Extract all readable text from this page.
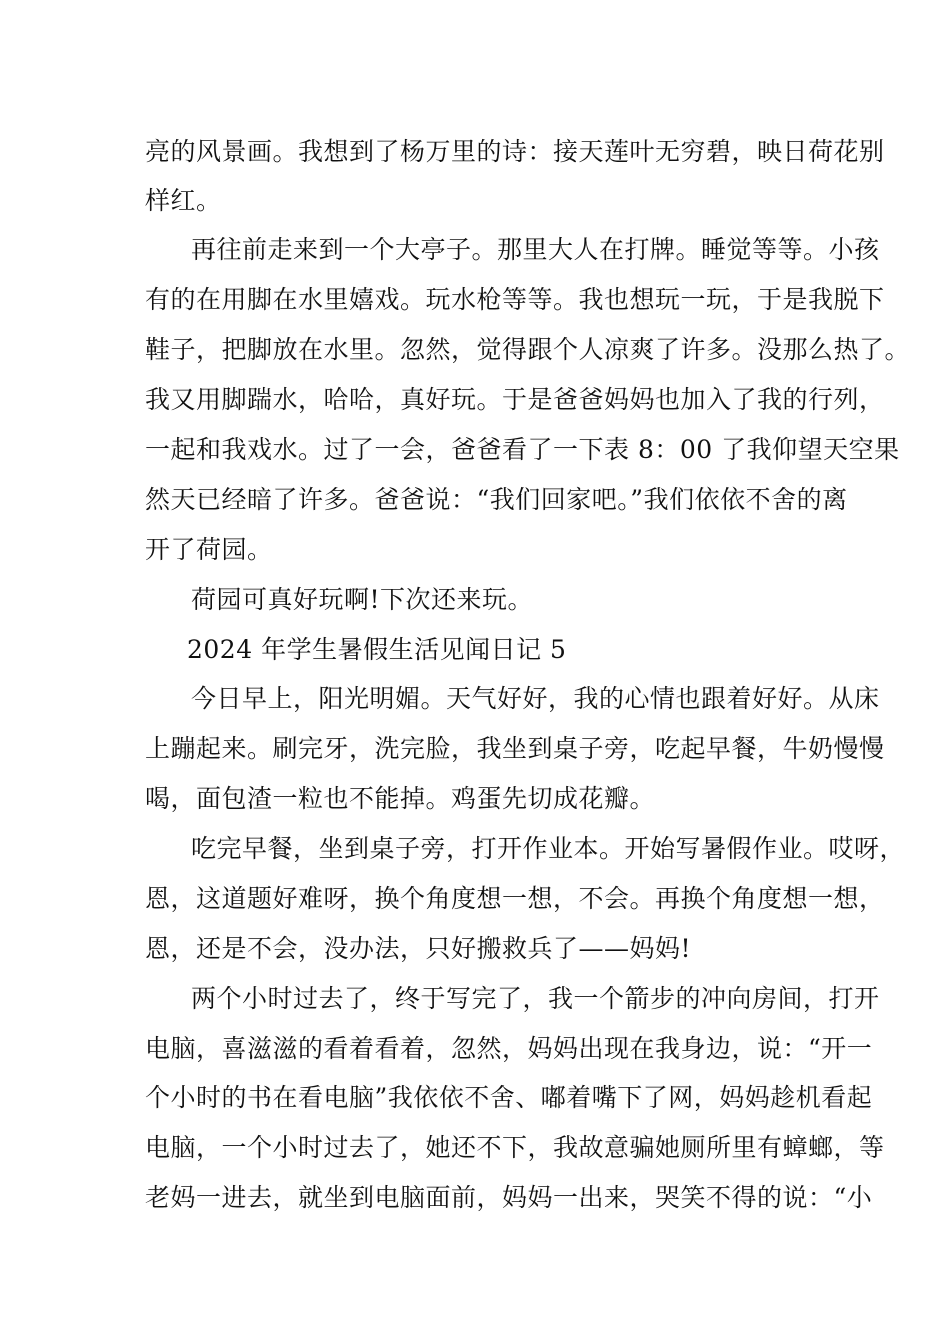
亮的风景画。我想到了杨万里的诗：接天莲叶无穷碧，映日荷花别
样红。
再往前走来到一个大亭子。那里大人在打牌。睡觉等等。小孩
有的在用脚在水里嬉戏。玩水枪等等。我也想玩一玩，于是我脱下
鞋子，把脚放在水里。忽然，觉得跟个人凉爽了许多。没那么热了。
我又用脚踹水，哈哈，真好玩。于是爸爸妈妈也加入了我的行列，
一起和我戏水。过了一会，爸爸看了一下表 8：00 了我仰望天空果
然天已经暗了许多。爸爸说：“我们回家吧。”我们依依不舍的离
开了荷园。
荷园可真好玩啊!下次还来玩。
2024 年学生暑假生活见闻日记 5
今日早上，阳光明媚。天气好好，我的心情也跟着好好。从床
上蹦起来。刷完牙，洗完脸，我坐到桌子旁，吃起早餐，牛奶慢慢
喝，面包渣一粒也不能掉。鸡蛋先切成花瓣。
吃完早餐，坐到桌子旁，打开作业本。开始写暑假作业。哎呀，
恩，这道题好难呀，换个角度想一想，不会。再换个角度想一想，
恩，还是不会，没办法，只好搬救兵了——妈妈!
两个小时过去了，终于写完了，我一个箭步的冲向房间，打开
电脑，喜滋滋的看着看着，忽然，妈妈出现在我身边，说：“开一
个小时的书在看电脑”我依依不舍、嘟着嘴下了网，妈妈趁机看起
电脑，一个小时过去了，她还不下，我故意骗她厕所里有蟑螂，等
老妈一进去，就坐到电脑面前，妈妈一出来，哭笑不得的说：“小
